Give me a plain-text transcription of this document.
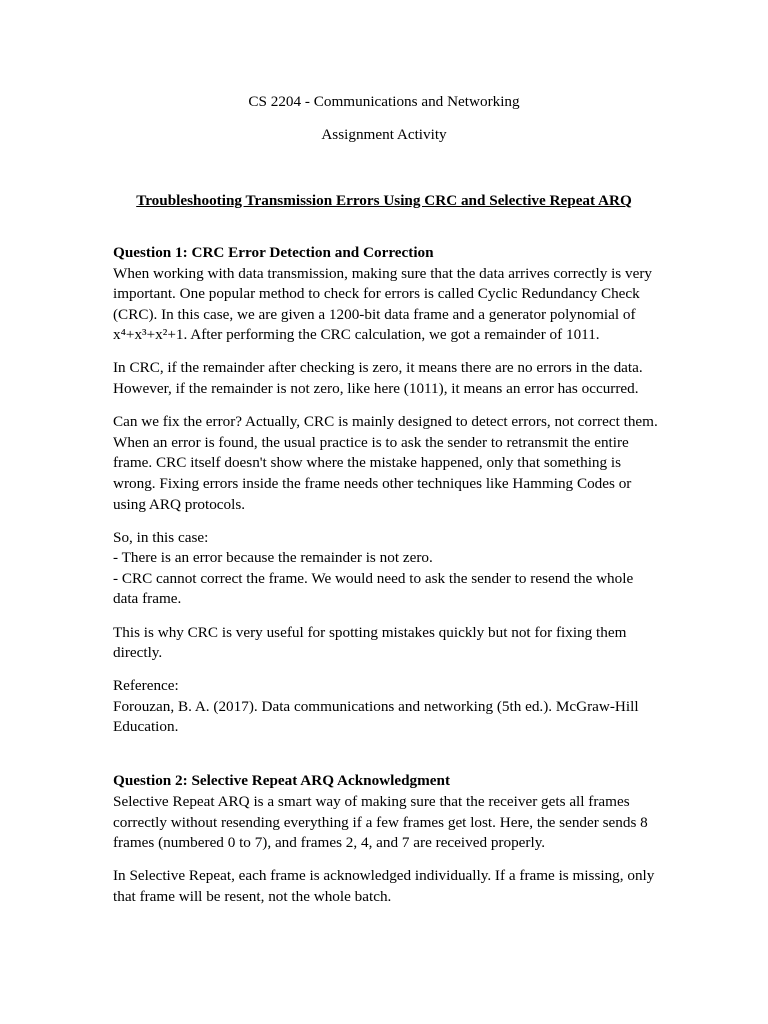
CS 2204 - Communications and Networking

Assignment Activity

Troubleshooting Transmission Errors Using CRC and Selective Repeat ARQ

Question 1: CRC Error Detection and Correction

When working with data transmission, making sure that the data arrives correctly is very important. One popular method to check for errors is called Cyclic Redundancy Check (CRC). In this case, we are given a 1200-bit data frame and a generator polynomial of x⁴+x³+x²+1. After performing the CRC calculation, we got a remainder of 1011.

In CRC, if the remainder after checking is zero, it means there are no errors in the data. However, if the remainder is not zero, like here (1011), it means an error has occurred.

Can we fix the error? Actually, CRC is mainly designed to detect errors, not correct them. When an error is found, the usual practice is to ask the sender to retransmit the entire frame. CRC itself doesn't show where the mistake happened, only that something is wrong. Fixing errors inside the frame needs other techniques like Hamming Codes or using ARQ protocols.

So, in this case:
- There is an error because the remainder is not zero.
- CRC cannot correct the frame. We would need to ask the sender to resend the whole data frame.

This is why CRC is very useful for spotting mistakes quickly but not for fixing them directly.

Reference:
Forouzan, B. A. (2017). Data communications and networking (5th ed.). McGraw-Hill Education.

Question 2: Selective Repeat ARQ Acknowledgment

Selective Repeat ARQ is a smart way of making sure that the receiver gets all frames correctly without resending everything if a few frames get lost. Here, the sender sends 8 frames (numbered 0 to 7), and frames 2, 4, and 7 are received properly.

In Selective Repeat, each frame is acknowledged individually. If a frame is missing, only that frame will be resent, not the whole batch.
